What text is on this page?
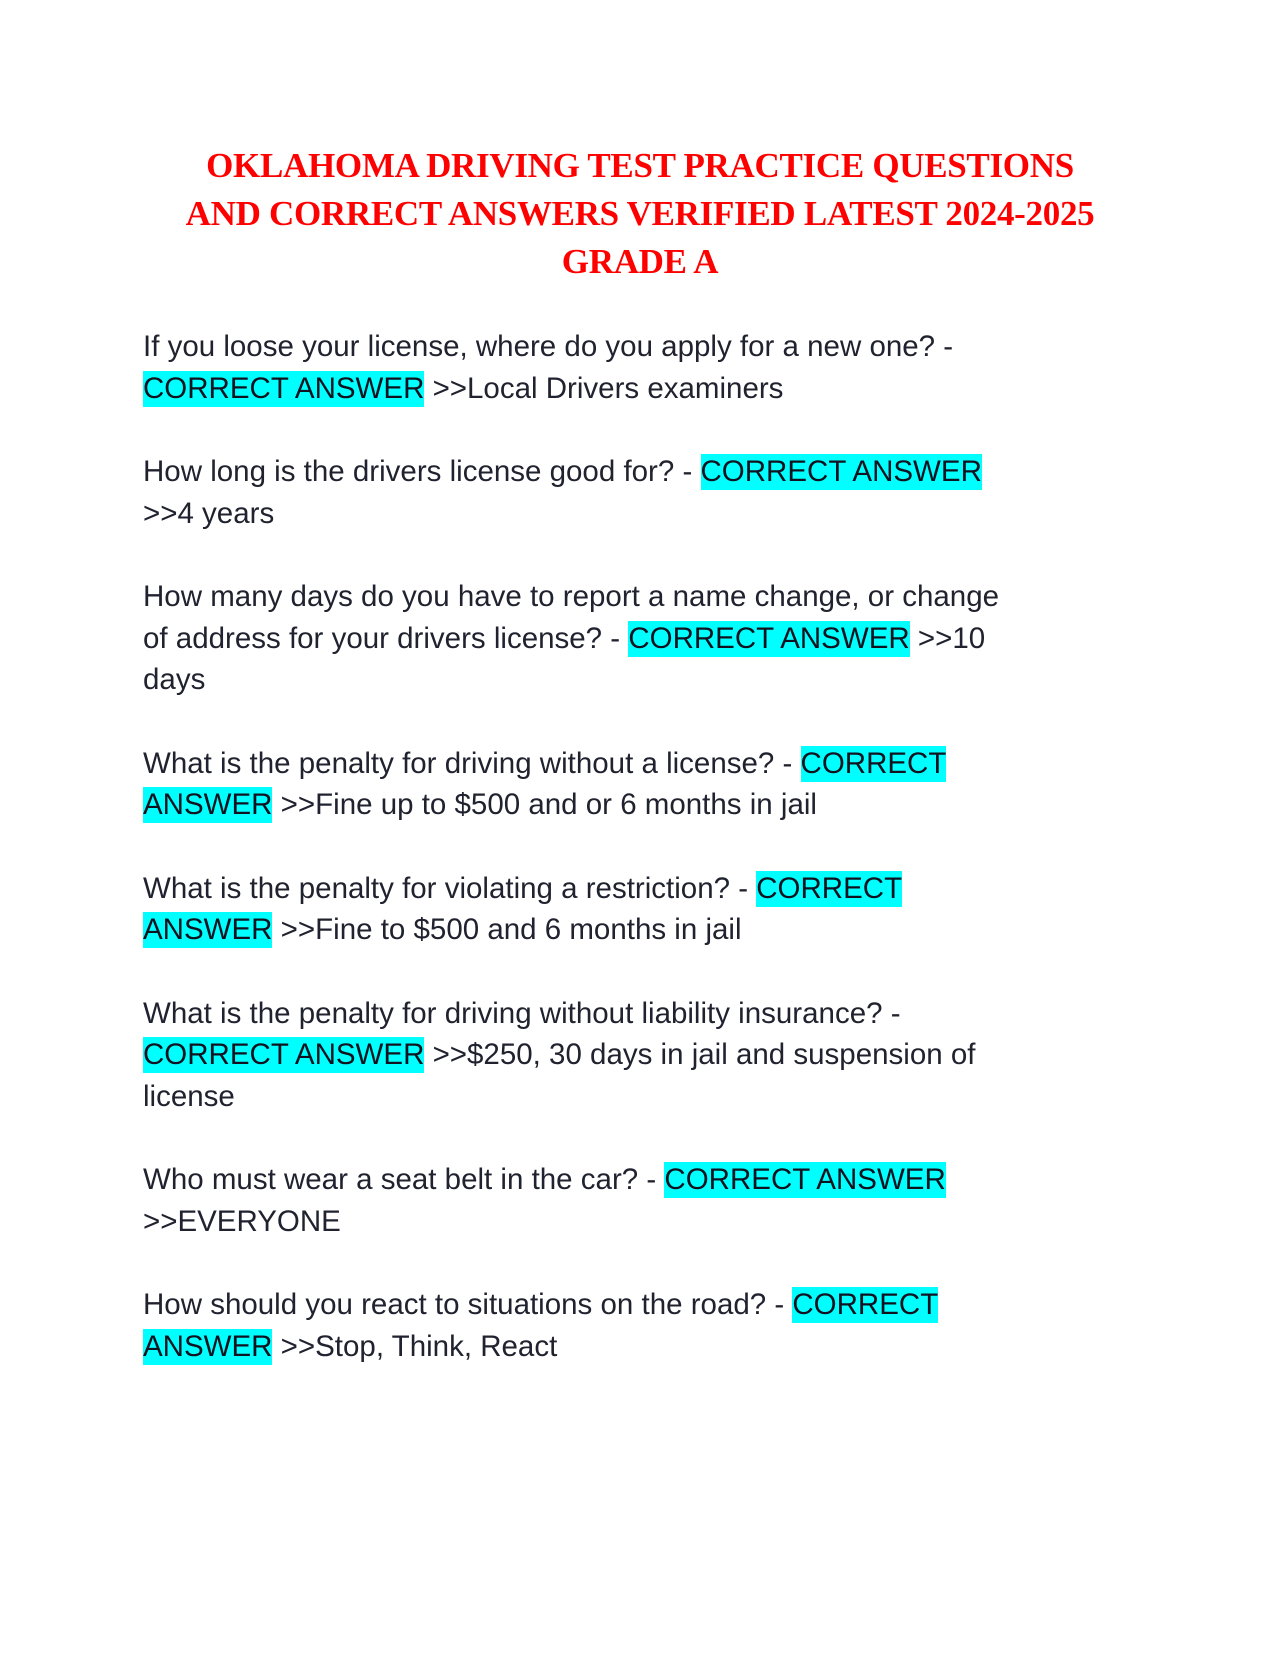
OKLAHOMA DRIVING TEST PRACTICE QUESTIONS
AND CORRECT ANSWERS VERIFIED LATEST 2024-2025
GRADE A
If you loose your license, where do you apply for a new one? -
CORRECT ANSWER >>Local Drivers examiners
How long is the drivers license good for? - CORRECT ANSWER
>>4 years
How many days do you have to report a name change, or change
of address for your drivers license? - CORRECT ANSWER >>10
days
What is the penalty for driving without a license? - CORRECT
ANSWER >>Fine up to $500 and or 6 months in jail
What is the penalty for violating a restriction? - CORRECT
ANSWER >>Fine to $500 and 6 months in jail
What is the penalty for driving without liability insurance? -
CORRECT ANSWER >>$250, 30 days in jail and suspension of
license
Who must wear a seat belt in the car? - CORRECT ANSWER
>>EVERYONE
How should you react to situations on the road? - CORRECT
ANSWER >>Stop, Think, React
